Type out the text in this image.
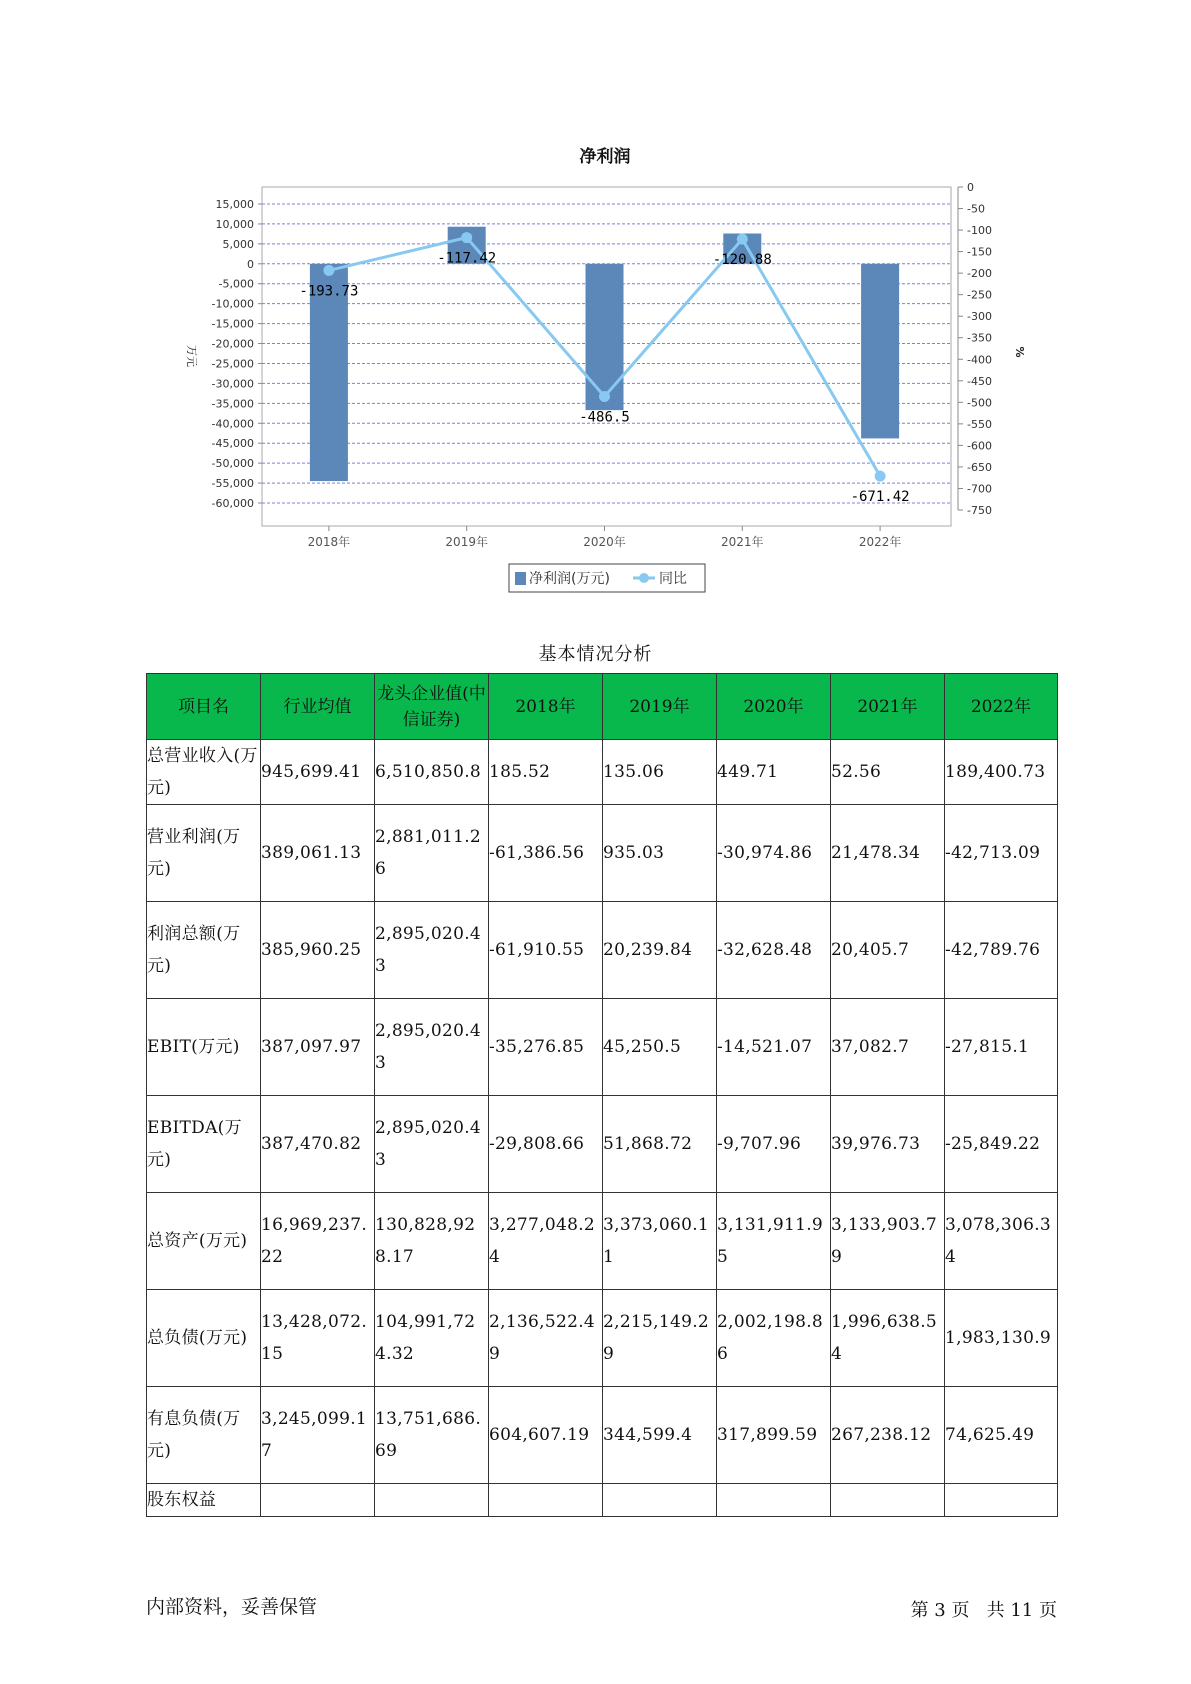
净利润
15,000
10,000
5,000
0
-5,000
-10,000
-15,000
-20,000
-25,000
-30,000
-35,000
-40,000
-45,000
-50,000
-55,000
-60,000
0
-50
-100
-150
-200
-250
-300
-350
-400
-450
-500
-550
-600
-650
-700
-750
万元	%
-193.73
-117.42
-486.5
-120.88
-671.42
2018年	2019年	2020年	2021年	2022年
净利润(万元)	同比
基本情况分析
项目名	行业均值	龙头企业值(中信证券)	2018年	2019年	2020年	2021年	2022年
总营业收入(万元)	945,699.41	6,510,850.8	185.52	135.06	449.71	52.56	189,400.73
营业利润(万元)	389,061.13	2,881,011.26	-61,386.56	935.03	-30,974.86	21,478.34	-42,713.09
利润总额(万元)	385,960.25	2,895,020.43	-61,910.55	20,239.84	-32,628.48	20,405.7	-42,789.76
EBIT(万元)	387,097.97	2,895,020.43	-35,276.85	45,250.5	-14,521.07	37,082.7	-27,815.1
EBITDA(万元)	387,470.82	2,895,020.43	-29,808.66	51,868.72	-9,707.96	39,976.73	-25,849.22
总资产(万元)	16,969,237.22	130,828,928.17	3,277,048.24	3,373,060.11	3,131,911.95	3,133,903.79	3,078,306.34
总负债(万元)	13,428,072.15	104,991,724.32	2,136,522.49	2,215,149.29	2,002,198.86	1,996,638.54	1,983,130.9
有息负债(万元)	3,245,099.17	13,751,686.69	604,607.19	344,599.4	317,899.59	267,238.12	74,625.49
股东权益							
内部资料，妥善保管	第 3 页   共 11 页
